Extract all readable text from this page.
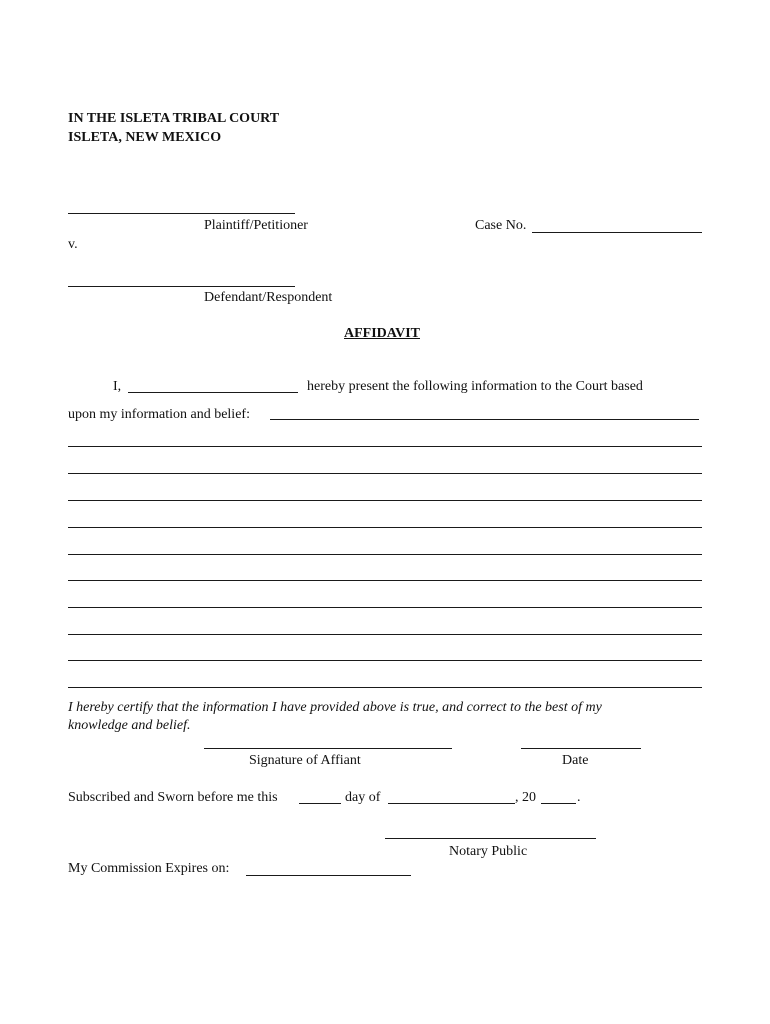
IN THE ISLETA TRIBAL COURT
ISLETA, NEW MEXICO
Plaintiff/Petitioner	Case No.
v.
Defendant/Respondent
AFFIDAVIT
I,	hereby present the following information to the Court based
upon my information and belief:
I hereby certify that the information I have provided above is true, and correct to the best of my
knowledge and belief.
Signature of Affiant	Date
Subscribed and Sworn before me this	day of	, 20	.
Notary Public
My Commission Expires on:
